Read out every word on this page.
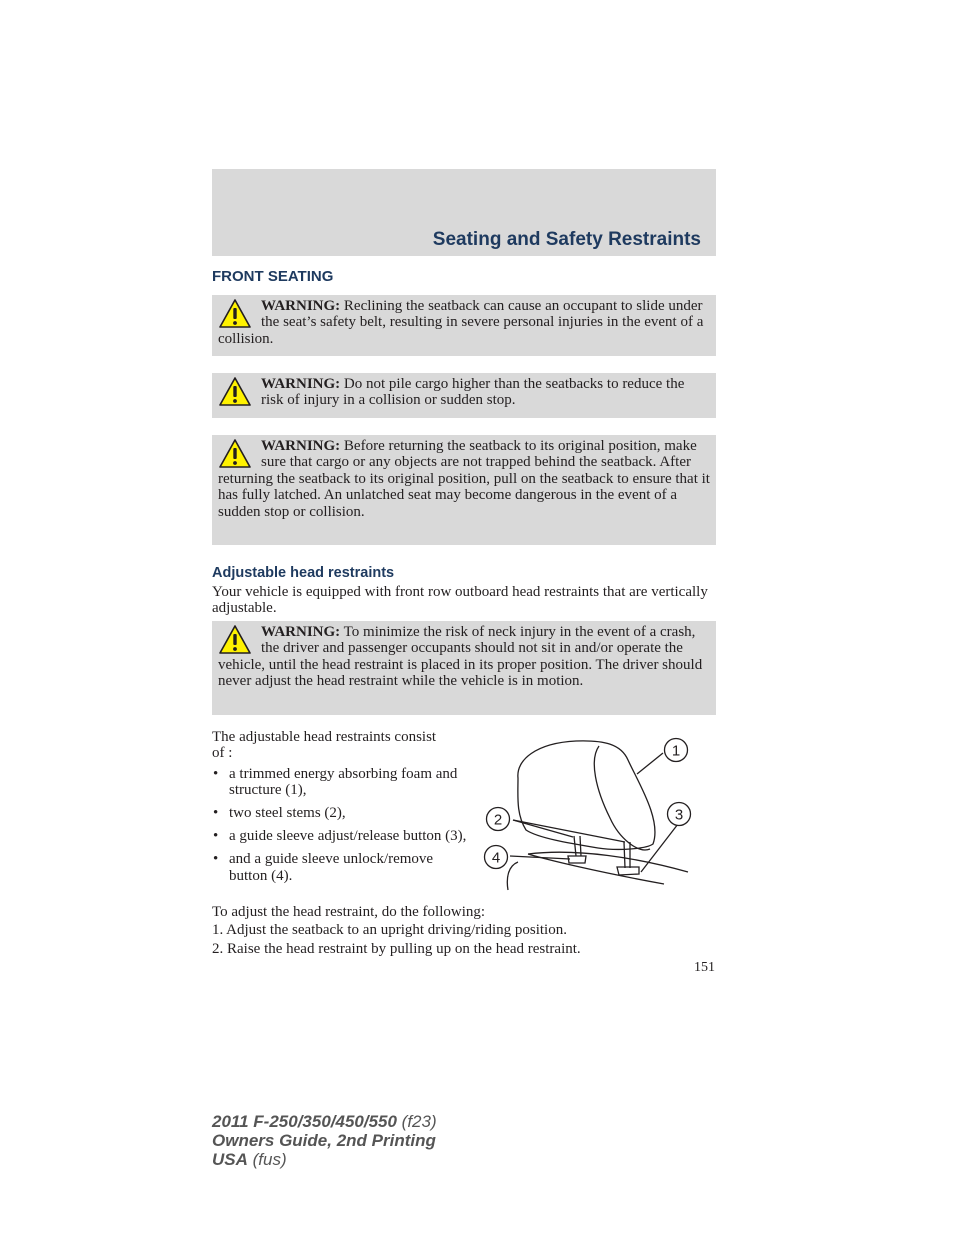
Seating and Safety Restraints
FRONT SEATING
WARNING: Reclining the seatback can cause an occupant to slide under the seat’s safety belt, resulting in severe personal injuries in the event of a collision.
WARNING: Do not pile cargo higher than the seatbacks to reduce the risk of injury in a collision or sudden stop.
WARNING: Before returning the seatback to its original position, make sure that cargo or any objects are not trapped behind the seatback. After returning the seatback to its original position, pull on the seatback to ensure that it has fully latched. An unlatched seat may become dangerous in the event of a sudden stop or collision.
Adjustable head restraints
Your vehicle is equipped with front row outboard head restraints that are vertically adjustable.
WARNING: To minimize the risk of neck injury in the event of a crash, the driver and passenger occupants should not sit in and/or operate the vehicle, until the head restraint is placed in its proper position. The driver should never adjust the head restraint while the vehicle is in motion.
The adjustable head restraints consist of :
• a trimmed energy absorbing foam and structure (1),
• two steel stems (2),
• a guide sleeve adjust/release button (3),
• and a guide sleeve unlock/remove button (4).
1
2	3
4
To adjust the head restraint, do the following:
1. Adjust the seatback to an upright driving/riding position.
2. Raise the head restraint by pulling up on the head restraint.
151
2011 F-250/350/450/550 (f23)
Owners Guide, 2nd Printing
USA (fus)
